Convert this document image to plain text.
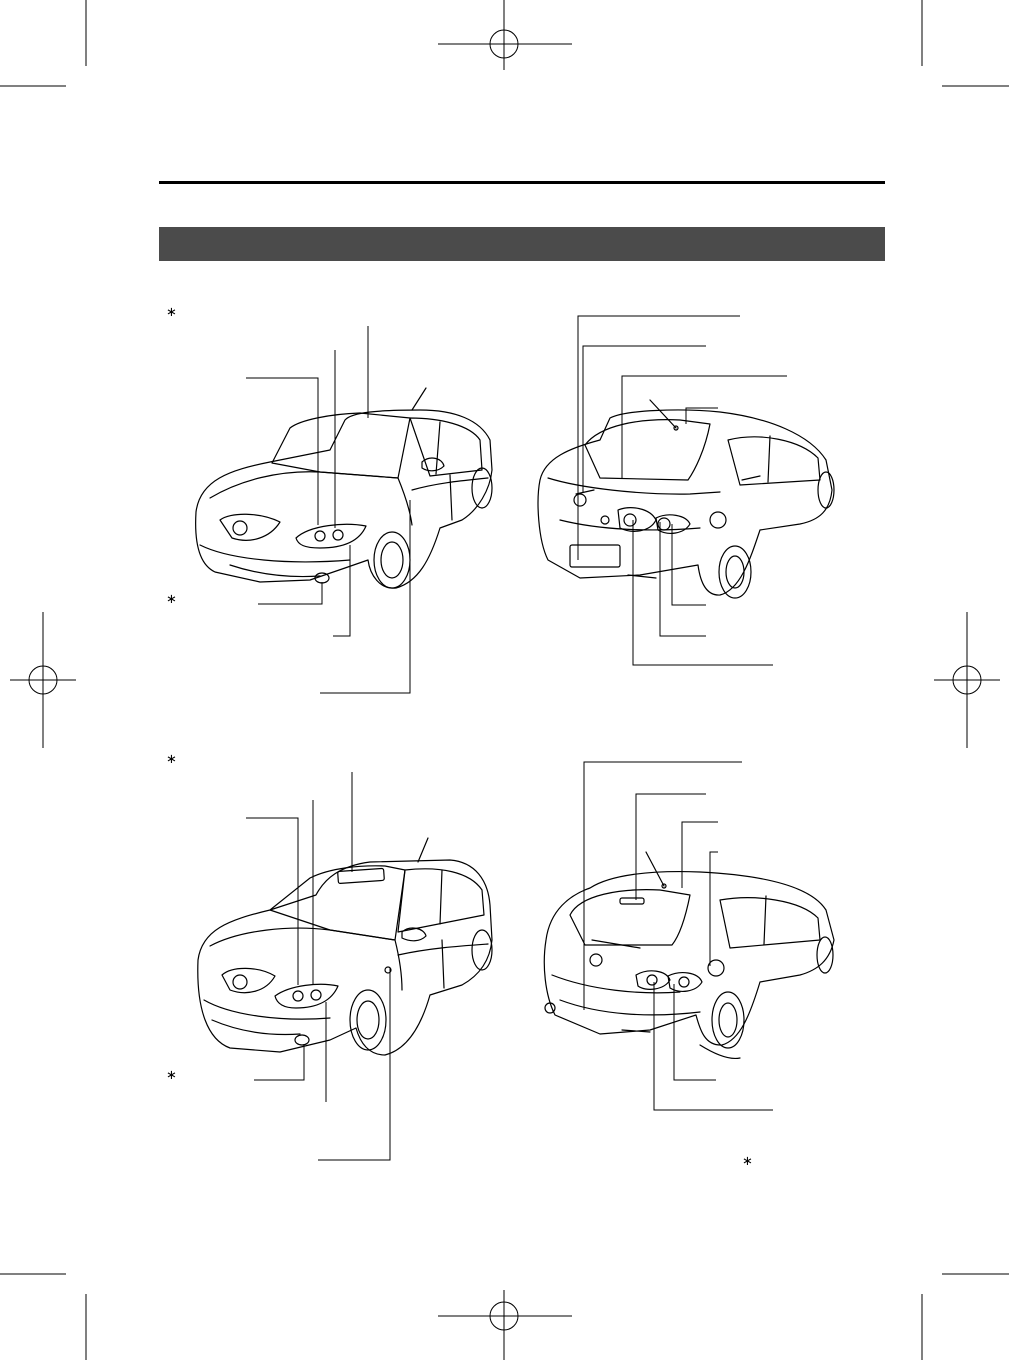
∗
∗
∗
∗
∗
